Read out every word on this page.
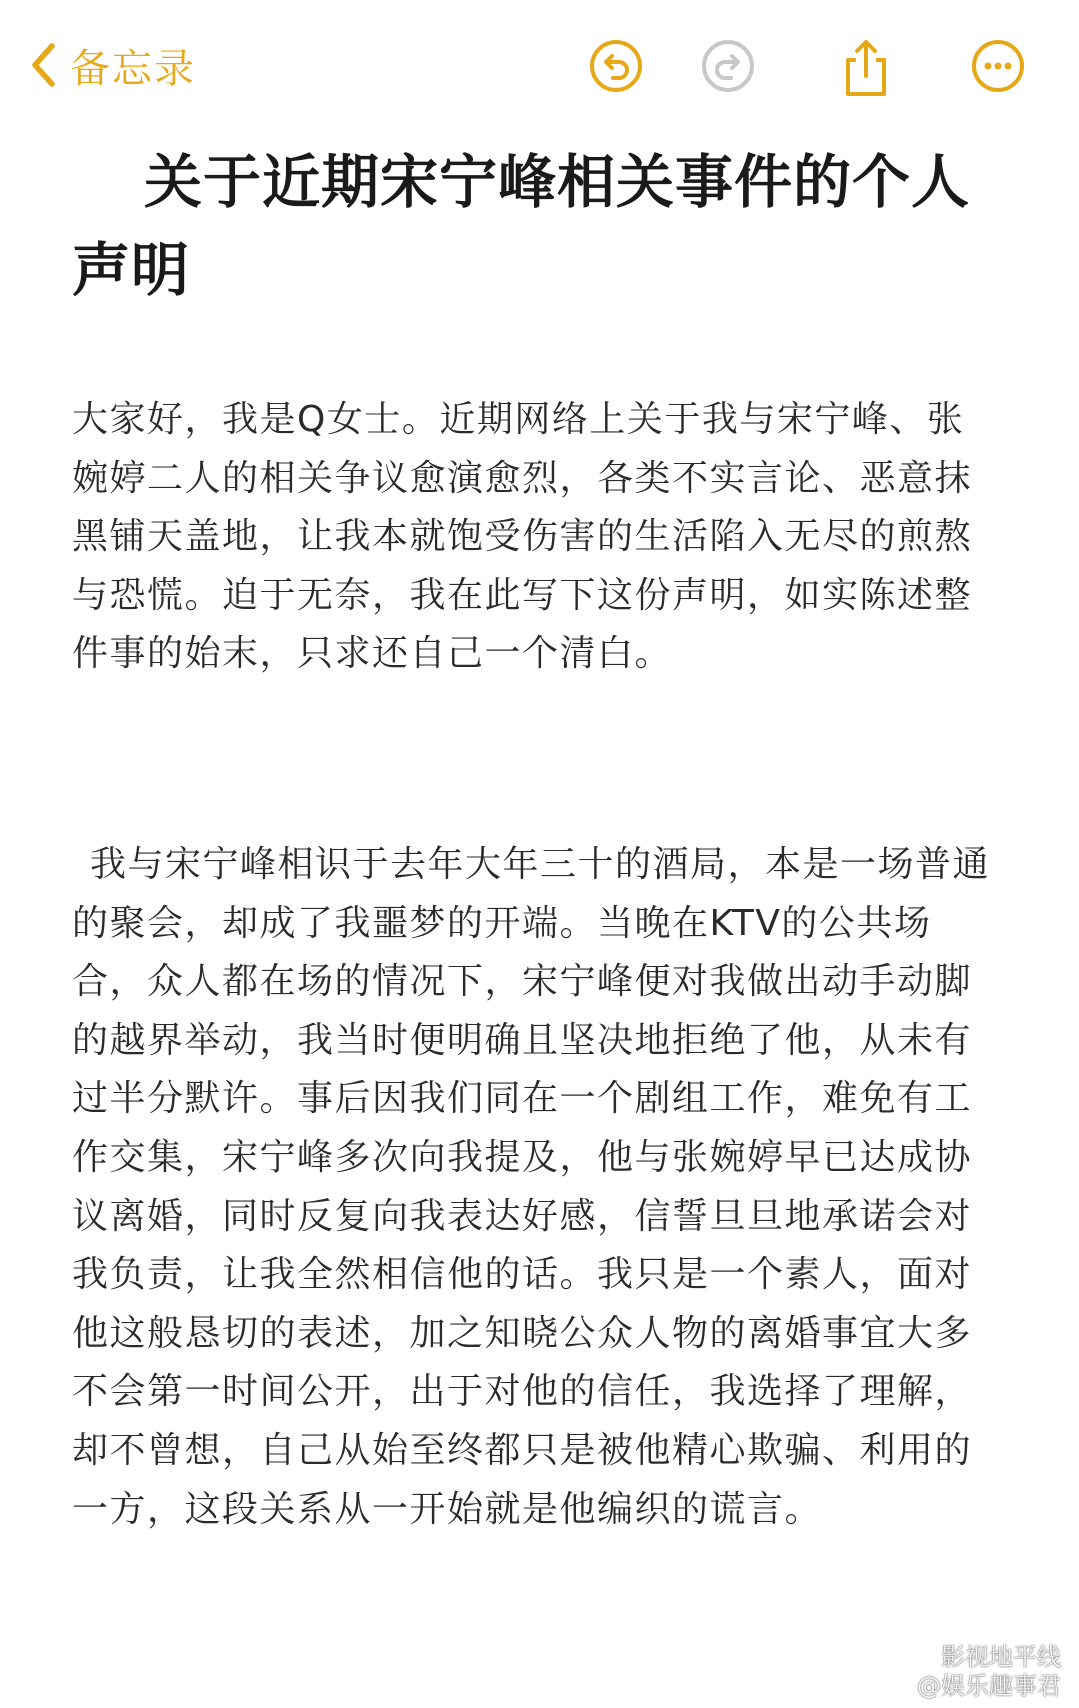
备忘录
关于近期宋宁峰相关事件的个人声明
大家好，我是Q女士。近期网络上关于我与宋宁峰、张婉婷二人的相关争议愈演愈烈，各类不实言论、恶意抹黑铺天盖地，让我本就饱受伤害的生活陷入无尽的煎熬与恐慌。迫于无奈，我在此写下这份声明，如实陈述整件事的始末，只求还自己一个清白。
我与宋宁峰相识于去年大年三十的酒局，本是一场普通的聚会，却成了我噩梦的开端。当晚在KTV的公共场合，众人都在场的情况下，宋宁峰便对我做出动手动脚的越界举动，我当时便明确且坚决地拒绝了他，从未有过半分默许。事后因我们同在一个剧组工作，难免有工作交集，宋宁峰多次向我提及，他与张婉婷早已达成协议离婚，同时反复向我表达好感，信誓旦旦地承诺会对我负责，让我全然相信他的话。我只是一个素人，面对他这般恳切的表述，加之知晓公众人物的离婚事宜大多不会第一时间公开，出于对他的信任，我选择了理解，却不曾想，自己从始至终都只是被他精心欺骗、利用的一方，这段关系从一开始就是他编织的谎言。
影视地平线
@娱乐趣事君
